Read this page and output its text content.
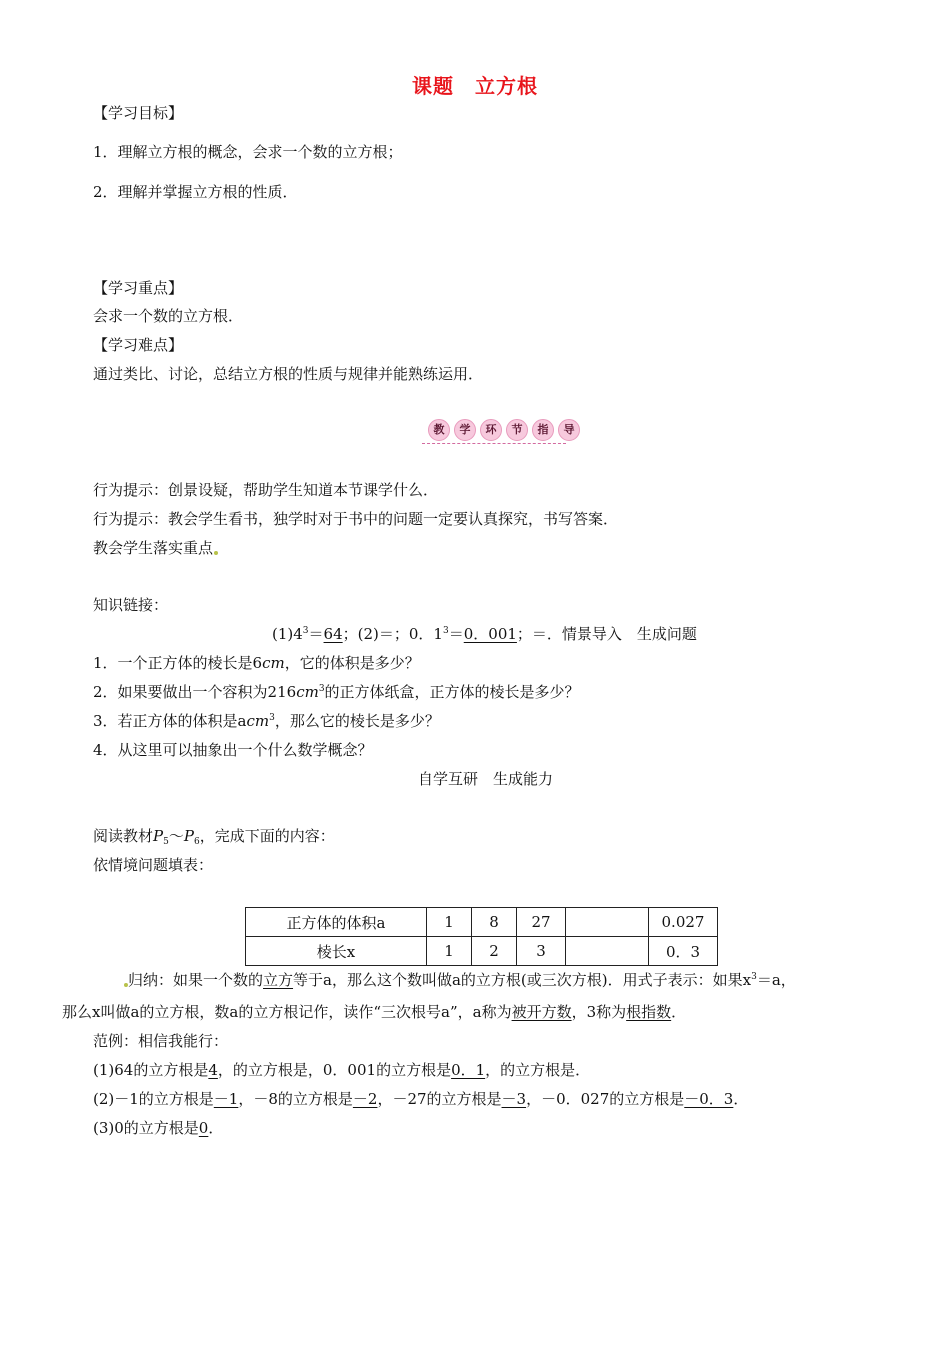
课题　立方根
【学习目标】
1．理解立方根的概念，会求一个数的立方根；
2．理解并掌握立方根的性质．
【学习重点】
会求一个数的立方根．
【学习难点】
通过类比、讨论，总结立方根的性质与规律并能熟练运用．
教	学	环	节	指	导
行为提示：创景设疑，帮助学生知道本节课学什么．
行为提示：教会学生看书，独学时对于书中的问题一定要认真探究，书写答案．
教会学生落实重点
知识链接：
$(1)4^3=64$；(2)＝；0．$1^3=0$．001；＝．情景导入　生成问题
1．一个正方体的棱长是6cm，它的体积是多少？
2．如果要做出一个容积为$216cm^3$的正方体纸盒，正方体的棱长是多少？
3．若正方体的体积是acm$^3$，那么它的棱长是多少？
4．从这里可以抽象出一个什么数学概念？
自学互研　生成能力
阅读教材$P_5\sim P_6$，完成下面的内容：
依情境问题填表：
正方体的体积a	1	8	27		0.027
棱长x	1	2	3		0．3
归纳：如果一个数的立方等于a，那么这个数叫做a的立方根(或三次方根)．用式子表示：如果$x^3=a$，
那么x叫做a的立方根，数a的立方根记作，读作“三次根号a”，a称为被开方数，3称为根指数．
范例：相信我能行：
(1)64的立方根是4，的立方根是，0．001的立方根是0．1，的立方根是．
(2)－1的立方根是－1，－8的立方根是－2，－27的立方根是－3，－0．027的立方根是－0．3．
(3)0的立方根是0．
